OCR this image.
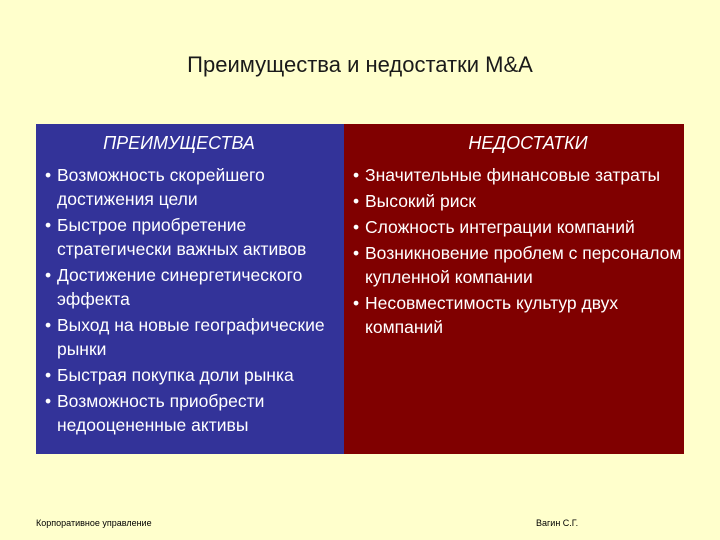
Преимущества и недостатки M&A
ПРЕИМУЩЕСТВА
• Возможность скорейшего достижения цели
• Быстрое приобретение стратегически важных активов
• Достижение синергетического эффекта
• Выход на новые географические рынки
• Быстрая покупка доли рынка
• Возможность приобрести недооцененные активы
НЕДОСТАТКИ
• Значительные финансовые затраты
• Высокий риск
• Сложность интеграции компаний
• Возникновение проблем с персоналом купленной компании
• Несовместимость культур двух компаний
Корпоративное управление	Вагин С.Г.
